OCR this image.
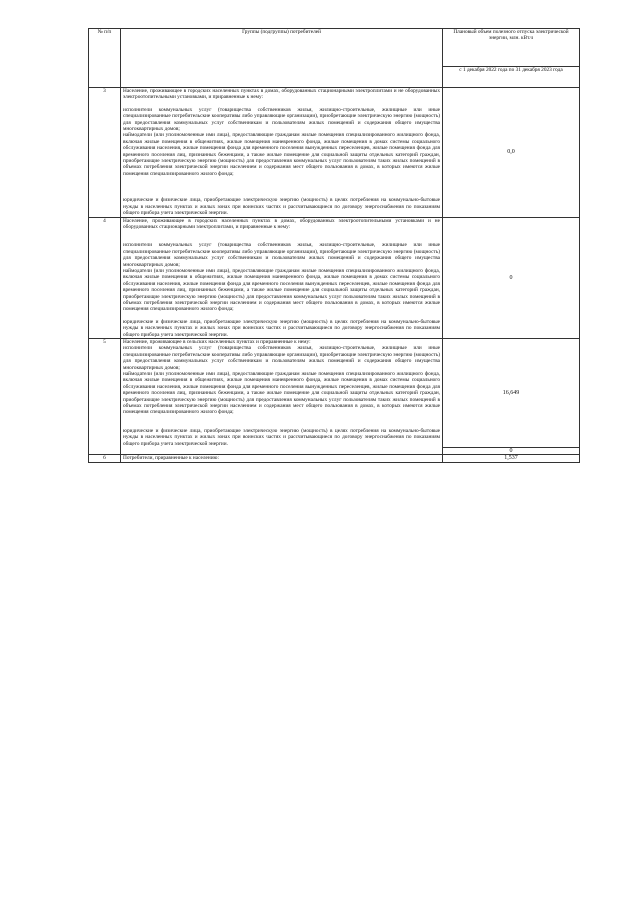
№ п/п	Группы (подгруппы) потребителей	Плановый объем полезного отпуска электрической энергии, млн. кВт.ч
		с 1 декабря 2022 года по 31 декабря 2023 года
3	Население, проживающее в городских населенных пунктах в домах, оборудованных стационарными электроплитами и не оборудованных электроотопительными установками, и приравненные к нему:

исполнители коммунальных услуг (товарищества собственников жилья, жилищно-строительные, жилищные или иные специализированные потребительские кооперативы либо управляющие организации), приобретающие электрическую энергию (мощность) для предоставления коммунальных услуг собственникам и пользователям жилых помещений и содержания общего имущества многоквартирных домов;

наймодатели (или уполномоченные ими лица), предоставляющие гражданам жилые помещения специализированного жилищного фонда, включая жилые помещения в общежитиях, жилые помещения маневренного фонда, жилые помещения в домах системы социального обслуживания населения, жилые помещения фонда для временного поселения вынужденных переселенцев, жилые помещения фонда для временного поселения лиц, признанных беженцами, а также жилые помещение для социальной защиты отдельных категорий граждан, приобретающие электрическую энергию (мощность) для предоставления коммунальных услуг пользователям таких жилых помещений в объемах потребления электрической энергии населением и содержания мест общего пользования в домах, в которых имеются жилые помещения специализированного жилого фонда;

юридические и физические лица, приобретающие электрическую энергию (мощность) в целях потребления на коммунально-бытовые нужды в населенных пунктах и жилых зонах при воинских частях и рассчитывающиеся по договору энергоснабжения по показаниям общего прибора учета электрической энергии.	0,0
4	Население, проживающее в городских населенных пунктах в домах, оборудованных электроотопительными установками и не оборудованных стационарными электроплитами, и приравненные к нему:

исполнители коммунальных услуг (товарищества собственников жилья, жилищно-строительные, жилищные или иные специализированные потребительские кооперативы либо управляющие организации), приобретающие электрическую энергию (мощность) для предоставления коммунальных услуг собственникам и пользователям жилых помещений и содержания общего имущества многоквартирных домов;

наймодатели (или уполномоченные ими лица), предоставляющие гражданам жилые помещения специализированного жилищного фонда, включая жилые помещения в общежитиях, жилые помещения маневренного фонда, жилые помещения в домах системы социального обслуживания населения, жилые помещения фонда для временного поселения вынужденных переселенцев, жилые помещения фонда для временного поселения лиц, признанных беженцами, а также жилые помещение для социальной защиты отдельных категорий граждан, приобретающие электрическую энергию (мощность) для предоставления коммунальных услуг пользователям таких жилых помещений в объемах потребления электрической энергии населением и содержания мест общего пользования в домах, в которых имеются жилые помещения специализированного жилого фонда;

юридические и физические лица, приобретающие электрическую энергию (мощность) в целях потребления на коммунально-бытовые нужды в населенных пунктах и жилых зонах при воинских частях и рассчитывающиеся по договору энергоснабжения по показаниям общего прибора учета электрической энергии.	0
5	Население, проживающее в сельских населенных пунктах и приравненные к нему:

исполнители коммунальных услуг (товарищества собственников жилья, жилищно-строительные, жилищные или иные специализированные потребительские кооперативы либо управляющие организации), приобретающие электрическую энергию (мощность) для предоставления коммунальных услуг собственникам и пользователям жилых помещений и содержания общего имущества многоквартирных домов;

наймодатели (или уполномоченные ими лица), предоставляющие гражданам жилые помещения специализированного жилищного фонда, включая жилые помещения в общежитиях, жилые помещения маневренного фонда, жилые помещения в домах системы социального обслуживания населения, жилые помещения фонда для временного поселения вынужденных переселенцев, жилые помещения фонда для временного поселения лиц, признанных беженцами, а также жилые помещение для социальной защиты отдельных категорий граждан, приобретающие электрическую энергию (мощность) для предоставления коммунальных услуг пользователям таких жилых помещений в объемах потребления электрической энергии населением и содержания мест общего пользования в домах, в которых имеются жилые помещения специализированного жилого фонда;

юридические и физические лица, приобретающие электрическую энергию (мощность) в целях потребления на коммунально-бытовые нужды в населенных пунктах и жилых зонах при воинских частях и рассчитывающиеся по договору энергоснабжения по показаниям общего прибора учета электрической энергии.	16,649
		0
6	Потребители, приравненные к населению:	1,537
